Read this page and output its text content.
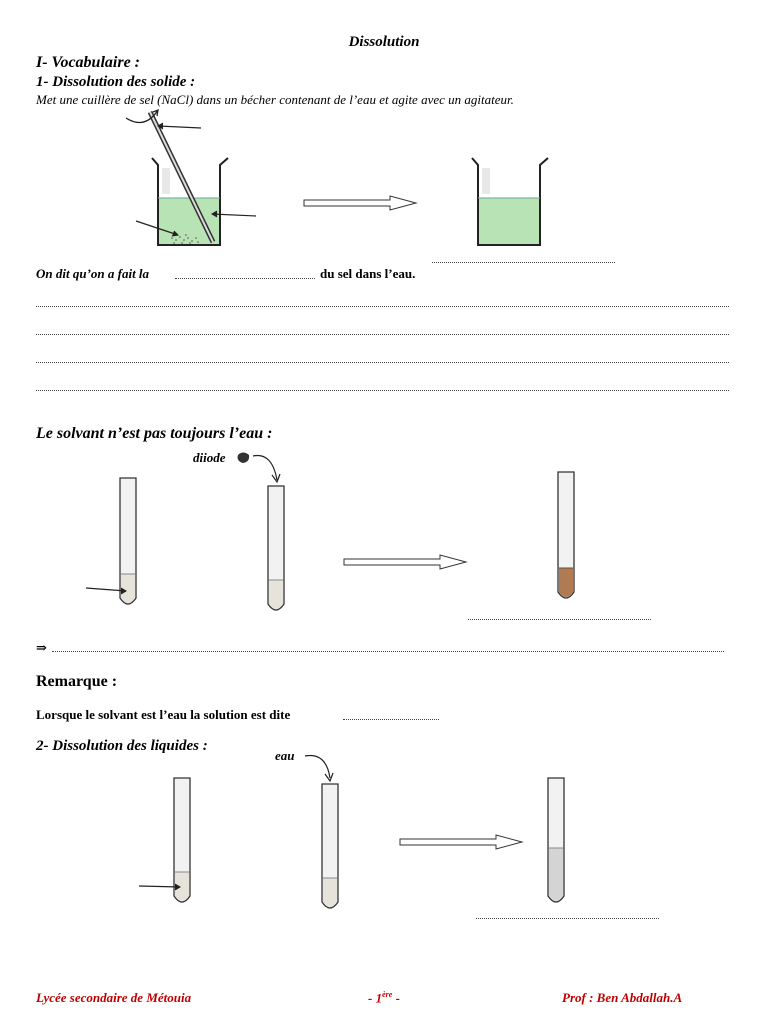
Dissolution
I- Vocabulaire :
1- Dissolution des solide :
Met une cuillère de sel (NaCl) dans un bécher contenant de l’eau et agite avec un agitateur.
On dit qu’on a fait la	du sel dans l’eau.
Le solvant n’est pas toujours l’eau :
diiode
⇒
Remarque :
Lorsque le solvant est l’eau la solution est dite
2- Dissolution des liquides :
eau
Lycée secondaire de Métouia	- 1ère -	Prof : Ben Abdallah.A
